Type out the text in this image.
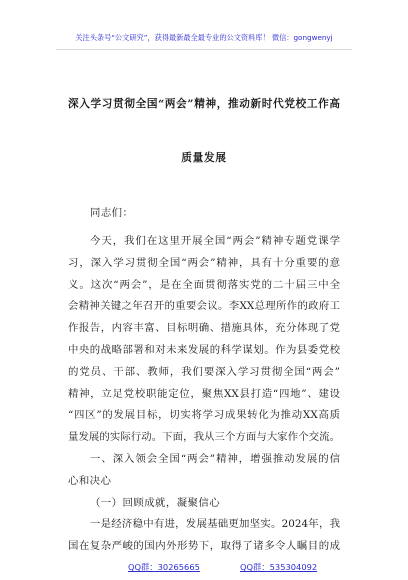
关注头条号“公文研究”，获得最新最全最专业的公文资料库！ 微信：gongwenyj
深入学习贯彻全国“两会”精神，推动新时代党校工作高
质量发展
同志们：
今天，我们在这里开展全国“两会”精神专题党课学
习，深入学习贯彻全国“两会”精神，具有十分重要的意
义。这次“两会”，是在全面贯彻落实党的二十届三中全
会精神关键之年召开的重要会议。李XX总理所作的政府工
作报告，内容丰富、目标明确、措施具体，充分体现了党
中央的战略部署和对未来发展的科学谋划。作为县委党校
的党员、干部、教师，我们要深入学习贯彻全国“两会”
精神，立足党校职能定位，聚焦XX县打造“四地”、建设
“四区”的发展目标，切实将学习成果转化为推动XX高质
量发展的实际行动。下面，我从三个方面与大家作个交流。
一、深入领会全国“两会”精神，增强推动发展的信
心和决心
（一）回顾成就，凝聚信心
一是经济稳中有进，发展基础更加坚实。2024年，我
国在复杂严峻的国内外形势下，取得了诸多令人瞩目的成
QQ群：30265665	QQ群：535304092
